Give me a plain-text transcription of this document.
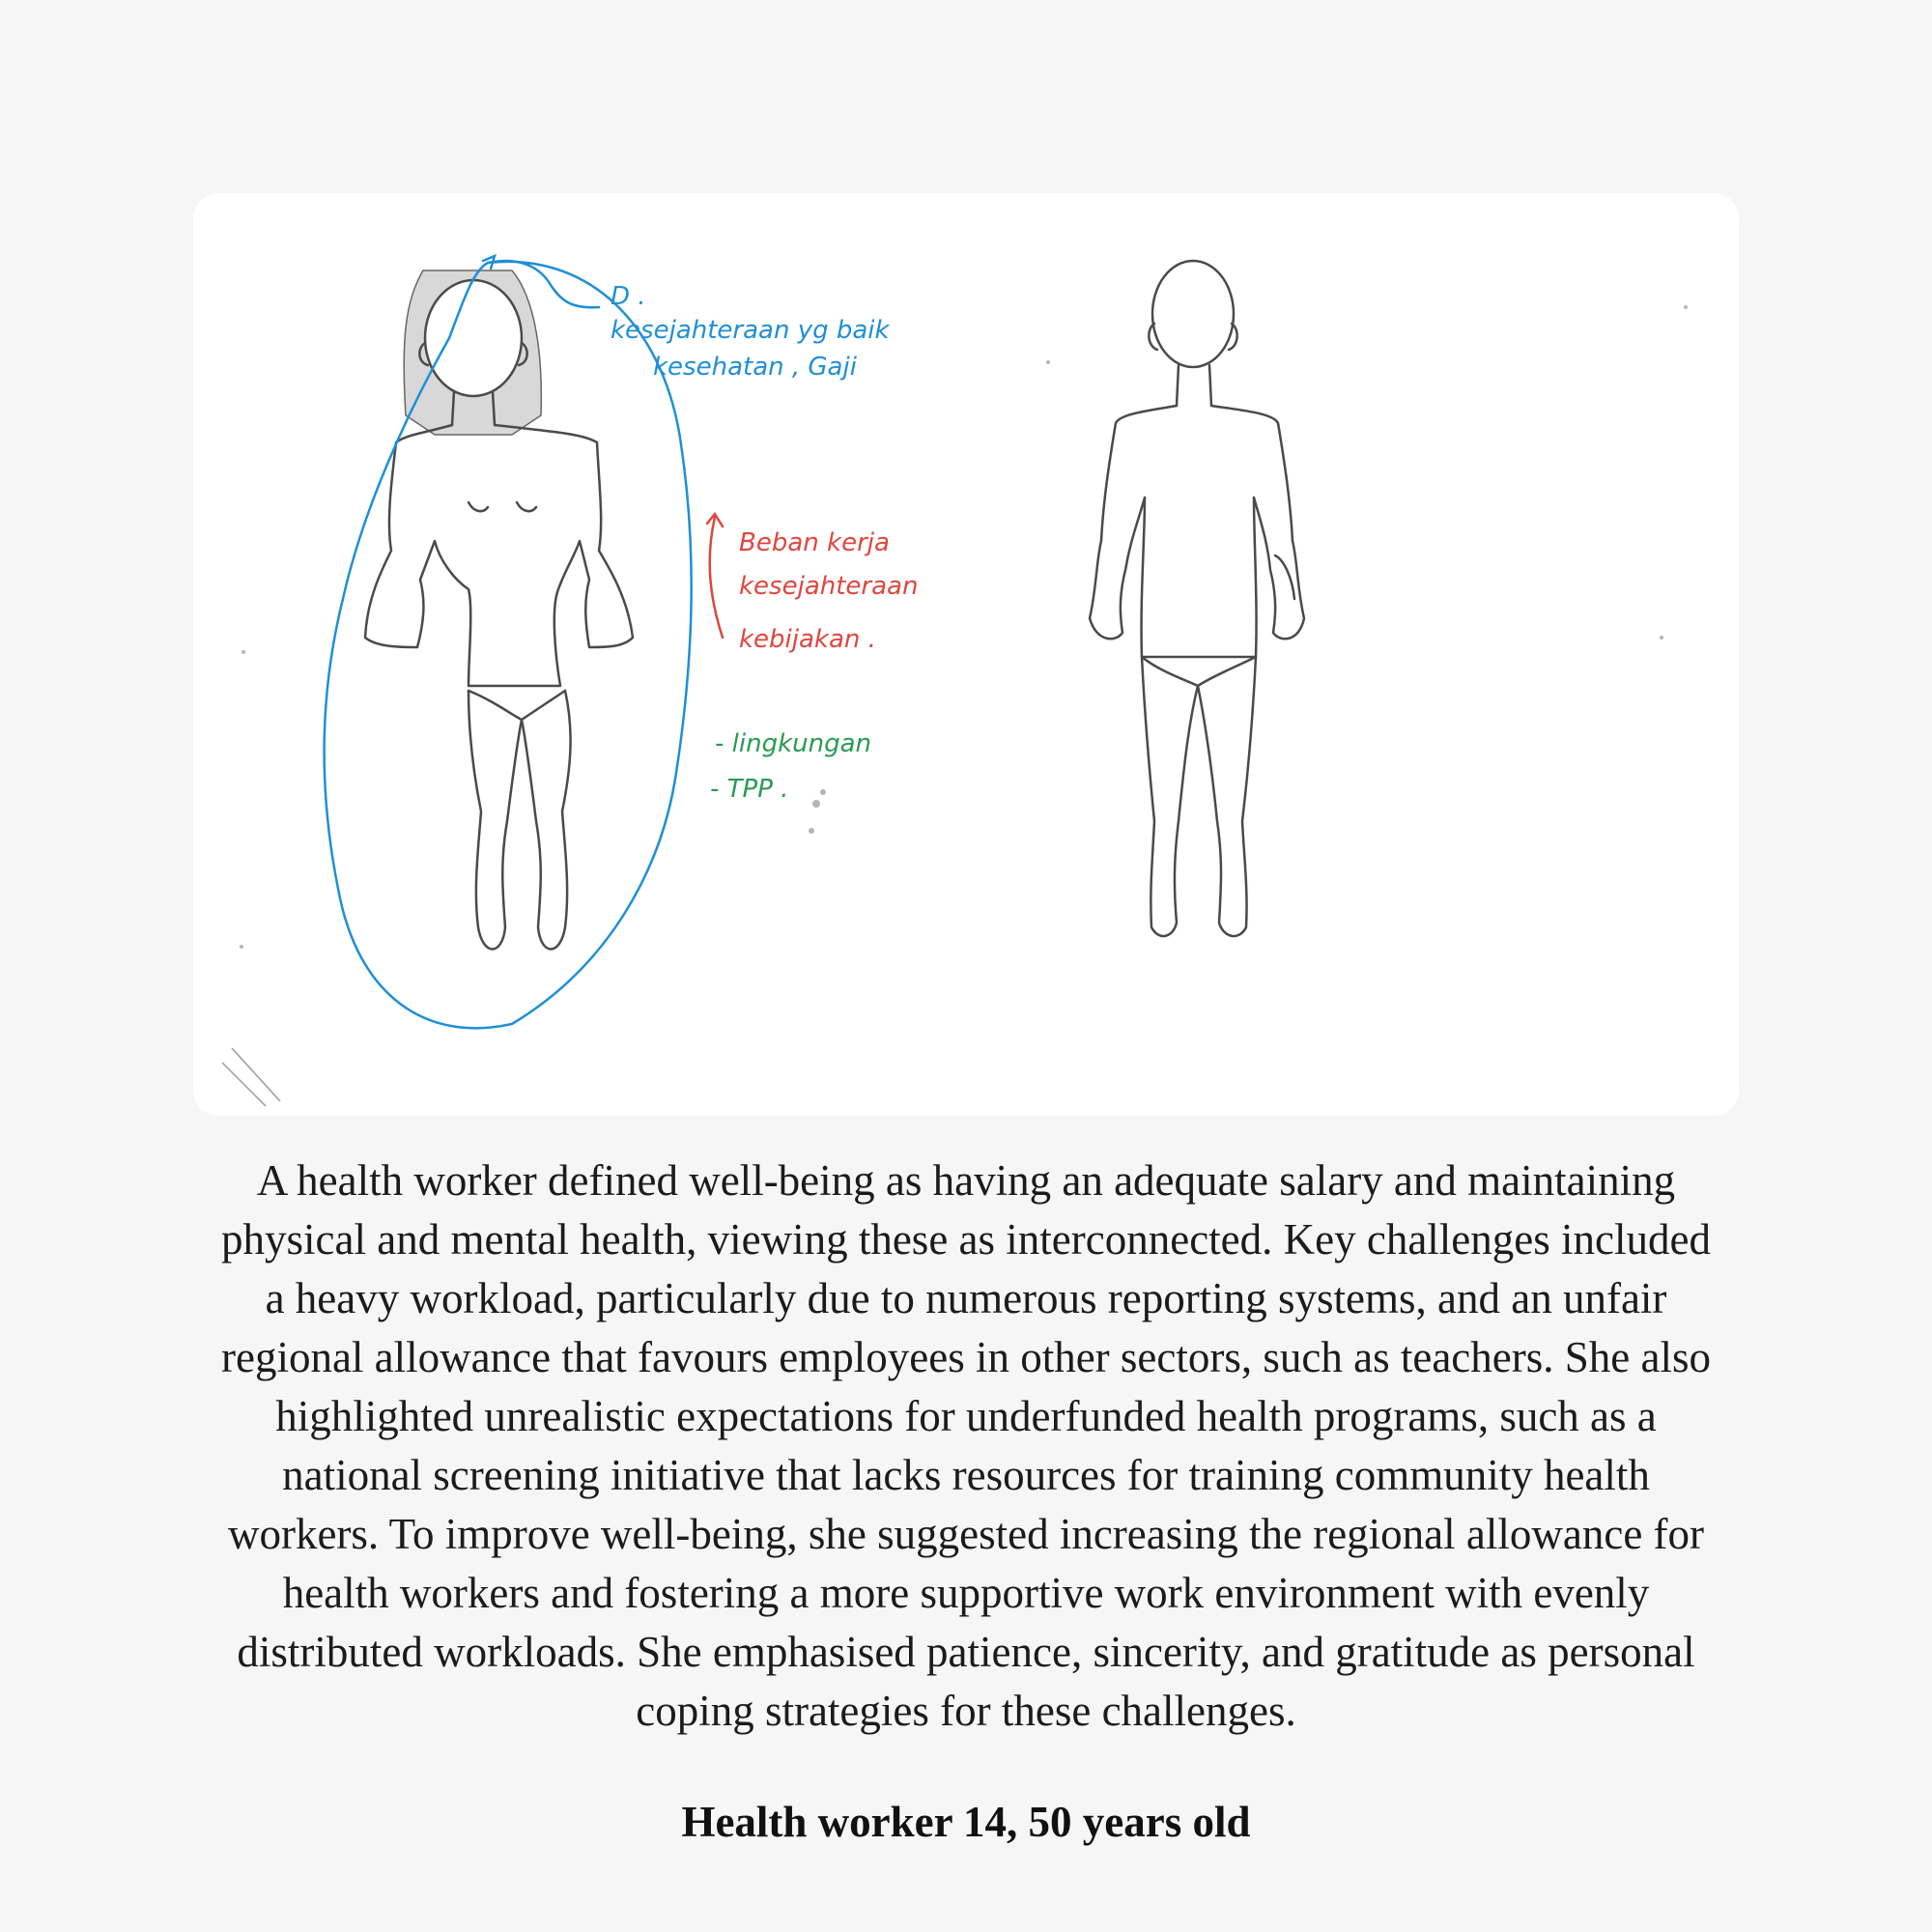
D .
kesejahteraan yg baik
kesehatan , Gaji
Beban kerja
kesejahteraan
kebijakan .
- lingkungan
- TPP .

A health worker defined well-being as having an adequate salary and maintaining
physical and mental health, viewing these as interconnected. Key challenges included
a heavy workload, particularly due to numerous reporting systems, and an unfair
regional allowance that favours employees in other sectors, such as teachers. She also
highlighted unrealistic expectations for underfunded health programs, such as a
national screening initiative that lacks resources for training community health
workers. To improve well-being, she suggested increasing the regional allowance for
health workers and fostering a more supportive work environment with evenly
distributed workloads. She emphasised patience, sincerity, and gratitude as personal
coping strategies for these challenges.

Health worker 14, 50 years old
